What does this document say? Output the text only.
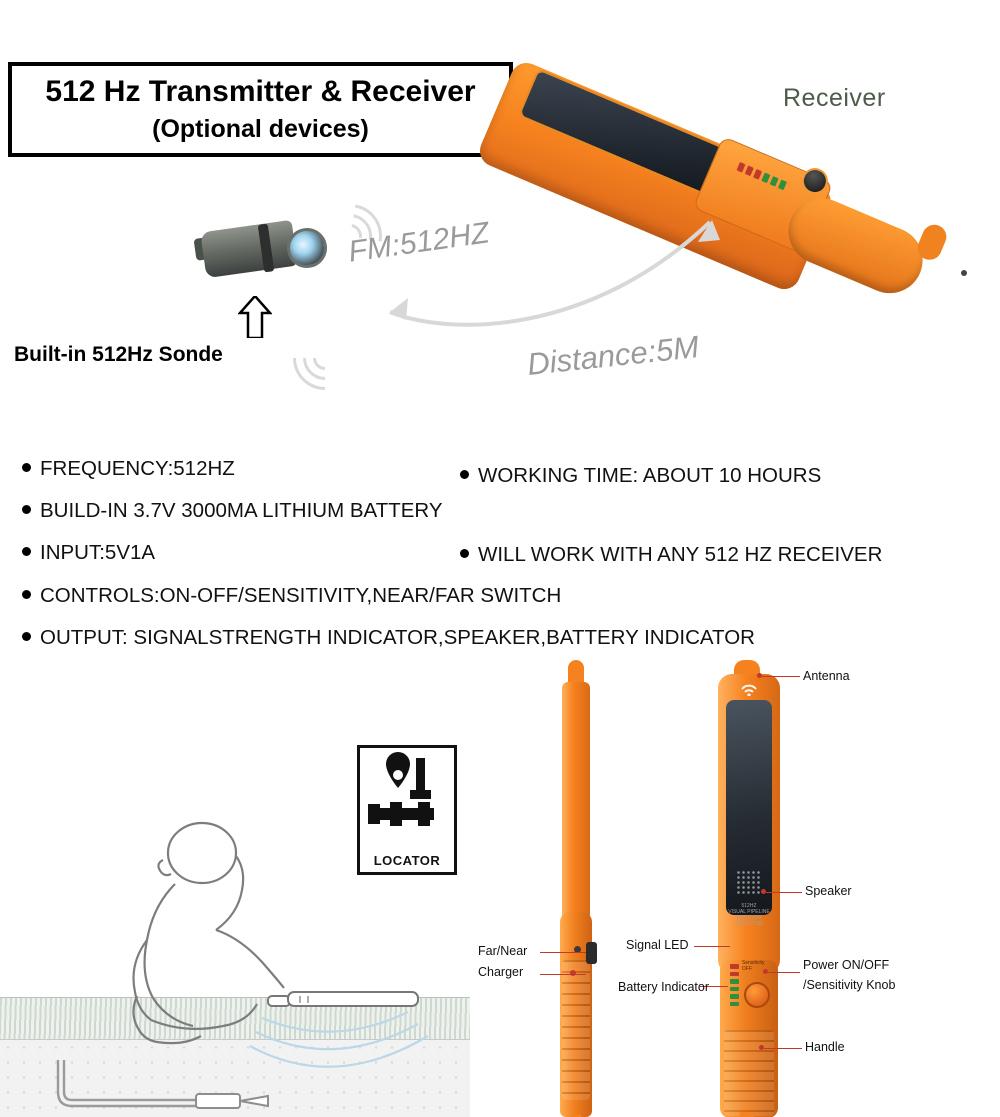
512 Hz Transmitter & Receiver
(Optional devices)
Receiver
Built-in 512Hz Sonde
FM:512HZ
Distance:5M
FREQUENCY:512HZ
BUILD-IN 3.7V 3000MA LITHIUM BATTERY
INPUT:5V1A
CONTROLS:ON-OFF/SENSITIVITY,NEAR/FAR SWITCH
OUTPUT: SIGNALSTRENGTH INDICATOR,SPEAKER,BATTERY INDICATOR
WORKING TIME: ABOUT 10 HOURS
WILL WORK WITH ANY 512 HZ RECEIVER
LOCATOR
512HZ
VISUAL PIPELINE
POSITION DETECTOR
Sensitivity
OFF
Antenna
Speaker
Signal LED
Battery Indicator
Power ON/OFF
/Sensitivity Knob
Handle
Far/Near
Charger
